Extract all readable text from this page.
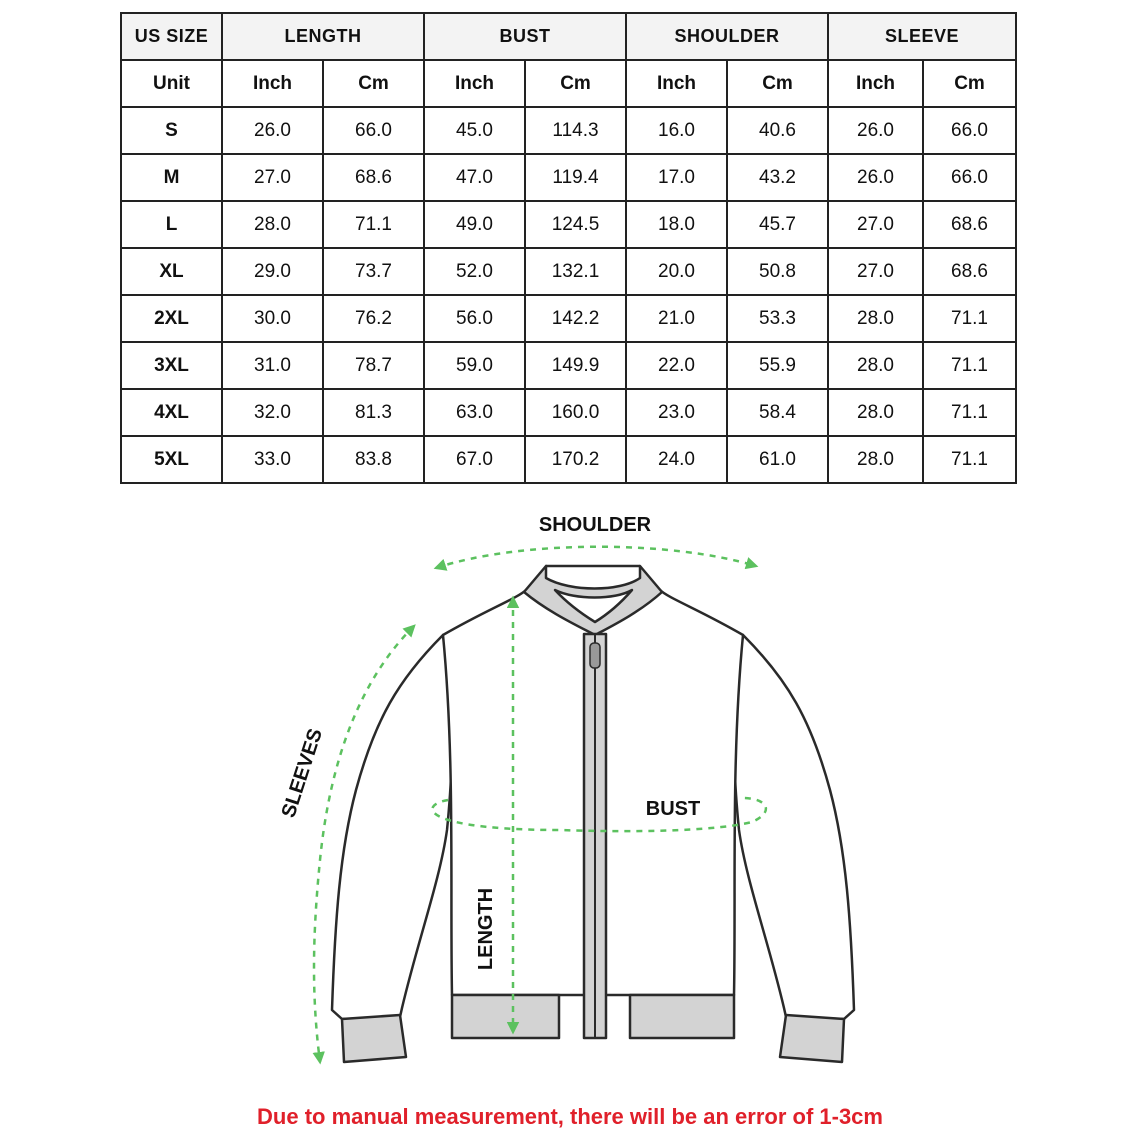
US SIZE	LENGTH		BUST		SHOULDER		SLEEVE	
Unit	Inch	Cm	Inch	Cm	Inch	Cm	Inch	Cm
S	26.0	66.0	45.0	114.3	16.0	40.6	26.0	66.0
M	27.0	68.6	47.0	119.4	17.0	43.2	26.0	66.0
L	28.0	71.1	49.0	124.5	18.0	45.7	27.0	68.6
XL	29.0	73.7	52.0	132.1	20.0	50.8	27.0	68.6
2XL	30.0	76.2	56.0	142.2	21.0	53.3	28.0	71.1
3XL	31.0	78.7	59.0	149.9	22.0	55.9	28.0	71.1
4XL	32.0	81.3	63.0	160.0	23.0	58.4	28.0	71.1
5XL	33.0	83.8	67.0	170.2	24.0	61.0	28.0	71.1
SHOULDER
BUST
SLEEVES
LENGTH
Due to manual measurement, there will be an error of 1-3cm
